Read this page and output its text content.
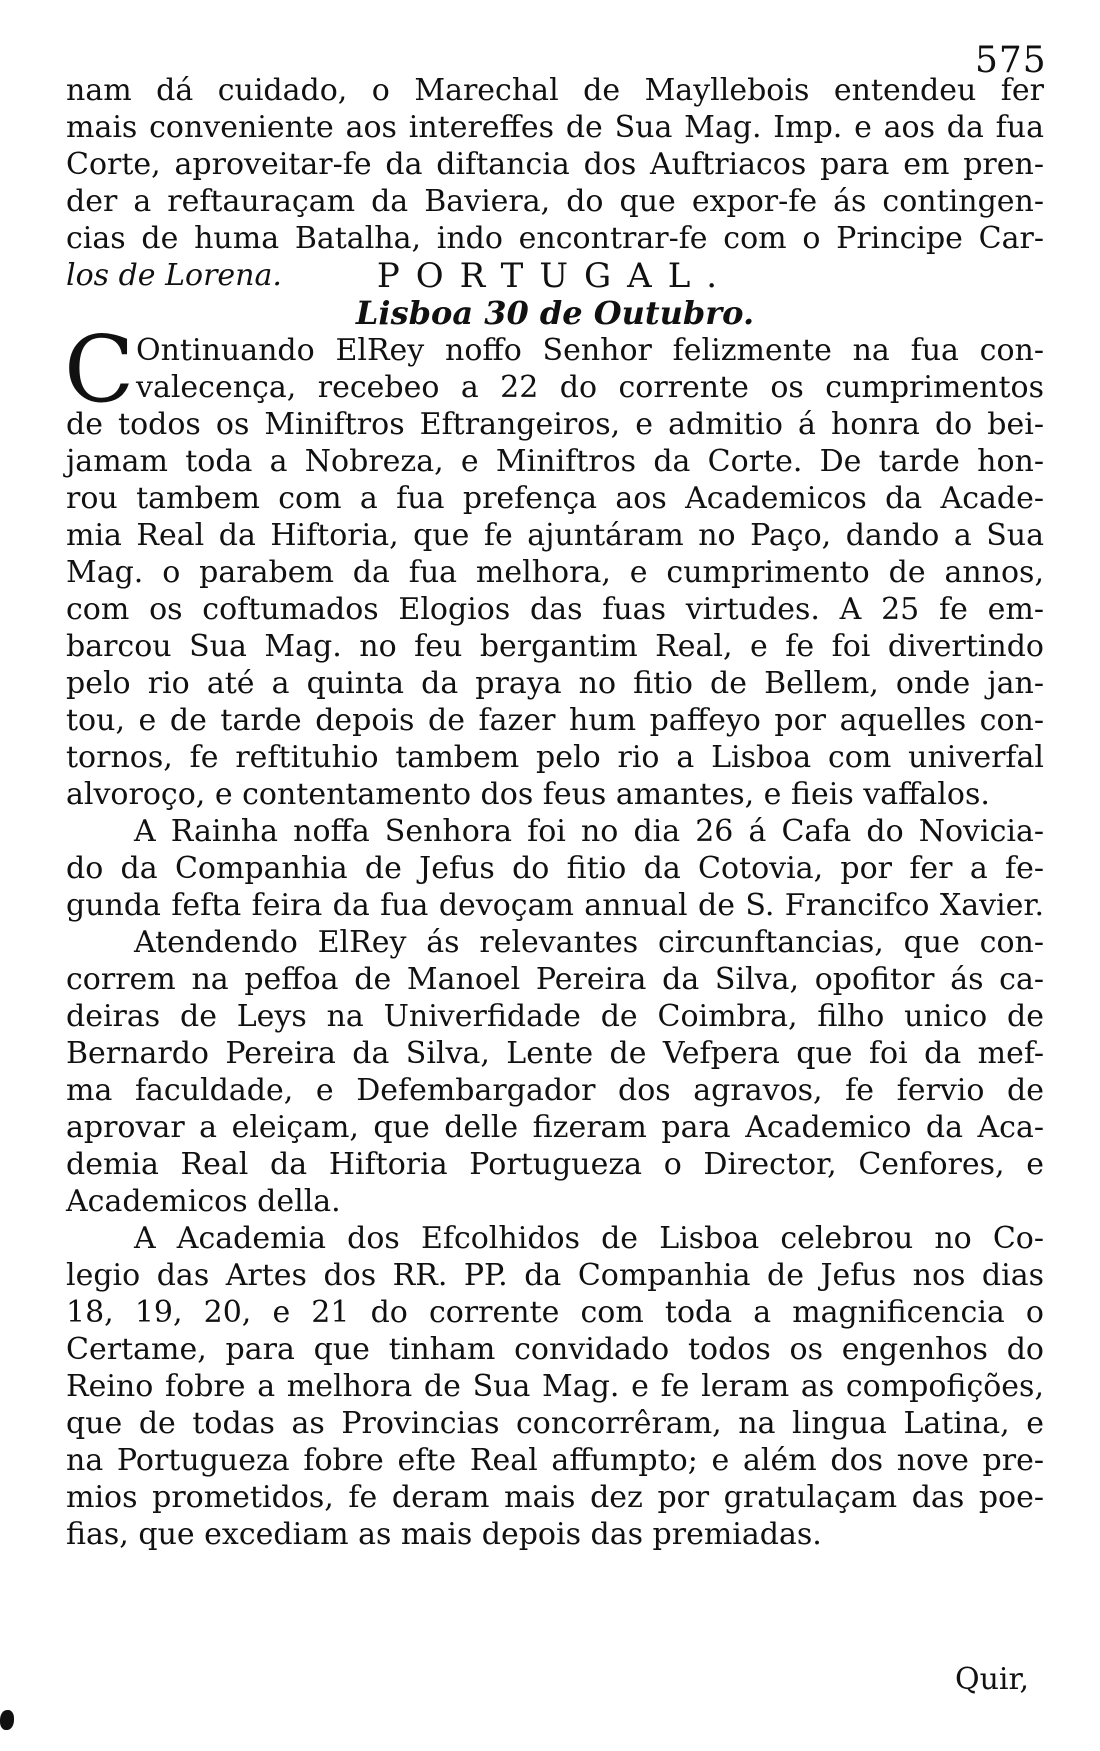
575
nam dá cuidado, o Marechal de Mayllebois entendeu fer
mais conveniente aos intereffes de Sua Mag. Imp. e aos da fua
Corte, aproveitar-fe da diftancia dos Auftriacos para em pren-
der a reftauraçam da Baviera, do que expor-fe ás contingen-
cias de huma Batalha, indo encontrar-fe com o Principe Car-
los de Lorena.	PORTUGAL.
Lisboa 30 de Outubro.
C Ontinuando ElRey noffo Senhor felizmente na fua con-
valecença, recebeo a 22 do corrente os cumprimentos
de todos os Miniftros Eftrangeiros, e admitio á honra do bei-
jamam toda a Nobreza, e Miniftros da Corte. De tarde hon-
rou tambem com a fua prefença aos Academicos da Acade-
mia Real da Hiftoria, que fe ajuntáram no Paço, dando a Sua
Mag. o parabem da fua melhora, e cumprimento de annos,
com os coftumados Elogios das fuas virtudes. A 25 fe em-
barcou Sua Mag. no feu bergantim Real, e fe foi divertindo
pelo rio até a quinta da praya no fitio de Bellem, onde jan-
tou, e de tarde depois de fazer hum paffeyo por aquelles con-
tornos, fe reftituhio tambem pelo rio a Lisboa com univerfal
alvoroço, e contentamento dos feus amantes, e fieis vaffalos.
A Rainha noffa Senhora foi no dia 26 á Cafa do Novicia-
do da Companhia de Jefus do fitio da Cotovia, por fer a fe-
gunda fefta feira da fua devoçam annual de S. Francifco Xavier.
Atendendo ElRey ás relevantes circunftancias, que con-
correm na peffoa de Manoel Pereira da Silva, opofitor ás ca-
deiras de Leys na Univerfidade de Coimbra, filho unico de
Bernardo Pereira da Silva, Lente de Vefpera que foi da mef-
ma faculdade, e Defembargador dos agravos, fe fervio de
aprovar a eleiçam, que delle fizeram para Academico da Aca-
demia Real da Hiftoria Portugueza o Director, Cenfores, e
Academicos della.
A Academia dos Efcolhidos de Lisboa celebrou no Co-
legio das Artes dos RR. PP. da Companhia de Jefus nos dias
18, 19, 20, e 21 do corrente com toda a magnificencia o
Certame, para que tinham convidado todos os engenhos do
Reino fobre a melhora de Sua Mag. e fe leram as compofições,
que de todas as Provincias concorrêram, na lingua Latina, e
na Portugueza fobre efte Real affumpto; e além dos nove pre-
mios prometidos, fe deram mais dez por gratulaçam das poe-
fias, que excediam as mais depois das premiadas.
Quir,
